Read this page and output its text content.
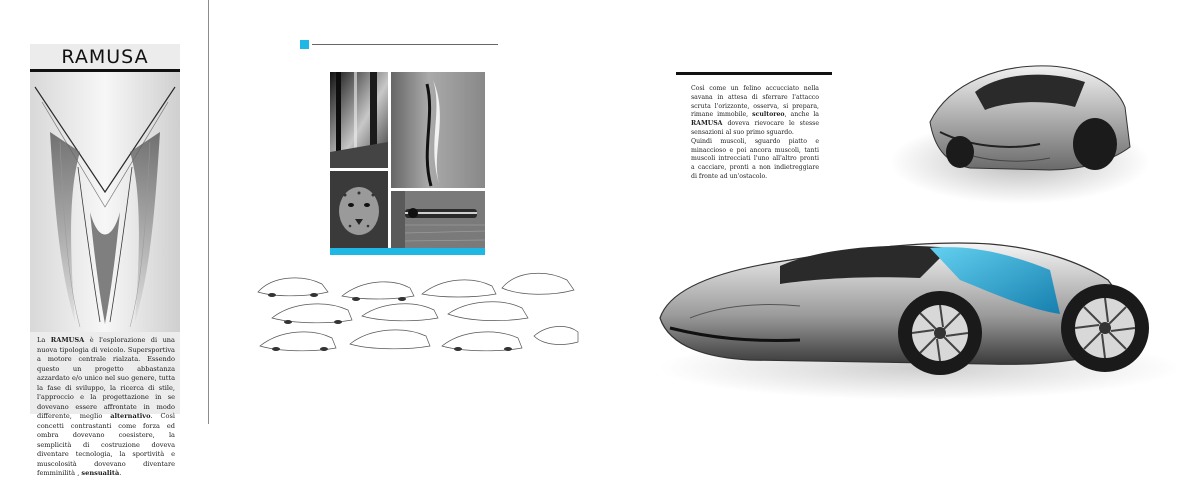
RAMUSA

La RAMUSA è l'esplorazione di una nuova tipologia di veicolo. Supersportiva a motore centrale rialzata. Essendo questo un progetto abbastanza azzardato e/o unico nel suo genere, tutta la fase di sviluppo, la ricerca di stile, l'approccio e la progettazione in se dovevano essere affrontate in modo differente, meglio alternativo. Così concetti contrastanti come forza ed ombra dovevano coesistere, la semplicità di costruzione doveva diventare tecnologia, la sportività e muscolosità dovevano diventare femminilità , sensualità.

Così come un felino accucciato nella savana in attesa di sferrare l'attacco scruta l'orizzonte, osserva, si prepara, rimane immobile, scultoreo, anche la RAMUSA doveva rievocare le stesse sensazioni al suo primo sguardo.
Quindi muscoli, sguardo piatto e minaccioso e poi ancora muscoli, tanti muscoli intrecciati l'uno all'altro pronti a cacciare, pronti a non indietreggiare di fronte ad un'ostacolo.
